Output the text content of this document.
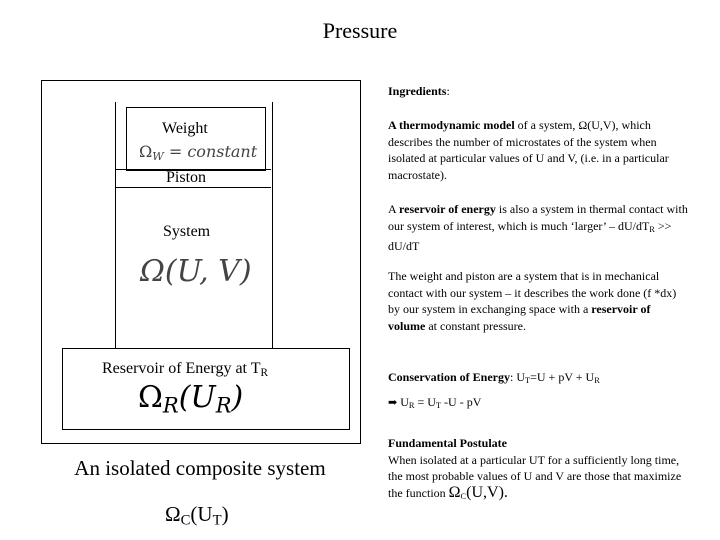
Pressure
Weight
$\Omega_W$ = constant
Piston
System
Ω(U, V)
Reservoir of Energy at $T_R$
$\Omega_R(U_R)$
An isolated composite system
$\Omega_C(U_T)$
Ingredients:

A thermodynamic model of a system, Ω(U,V), which describes the number of microstates of the system when isolated at particular values of U and V, (i.e. in a particular macrostate).

A reservoir of energy is also a system in thermal contact with our system of interest, which is much ‘larger’ – $dU/dT_R >> dU/dT$

The weight and piston are a system that is in mechanical contact with our system – it describes the work done (f *dx) by our system in exchanging space with a reservoir of volume at constant pressure.

Conservation of Energy: $U_T=U$ + pV + $U_R$

➡ $U_R = U_T$ -U - pV

Fundamental Postulate

When isolated at a particular UT for a sufficiently long time, the most probable values of U and V are those that maximize the function $\Omega_C(U,V)$.
